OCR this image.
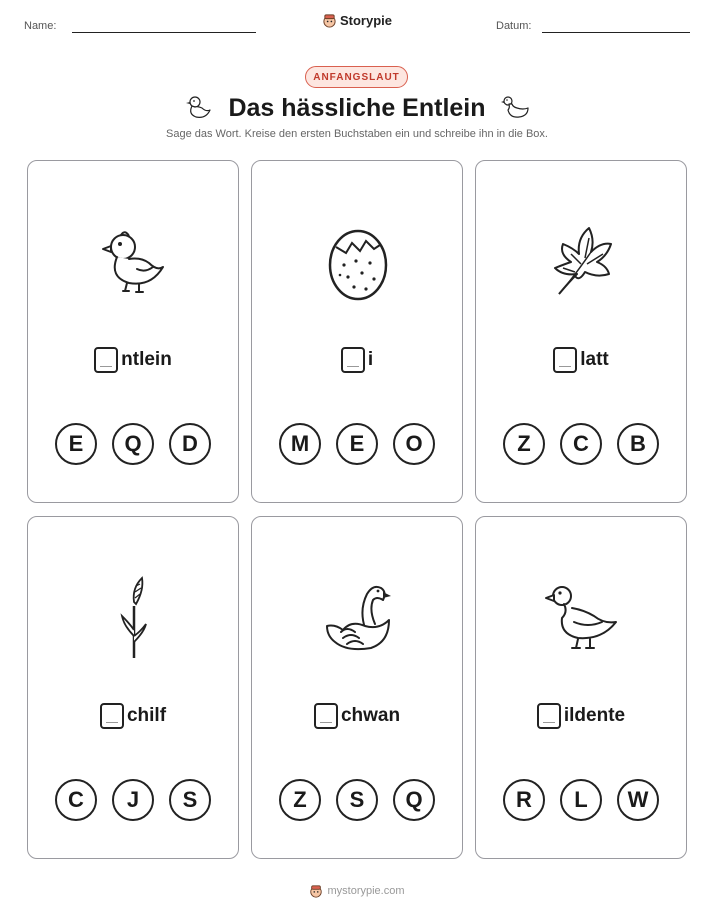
Name:	Datum:
Storypie
ANFANGSLAUT
Das hässliche Entlein
Sage das Wort. Kreise den ersten Buchstaben ein und schreibe ihn in die Box.
ntlein
E	Q	D
i
M	E	O
latt
Z	C	B
chilf
C	J	S
chwan
Z	S	Q
ildente
R	L	W
mystorypie.com
